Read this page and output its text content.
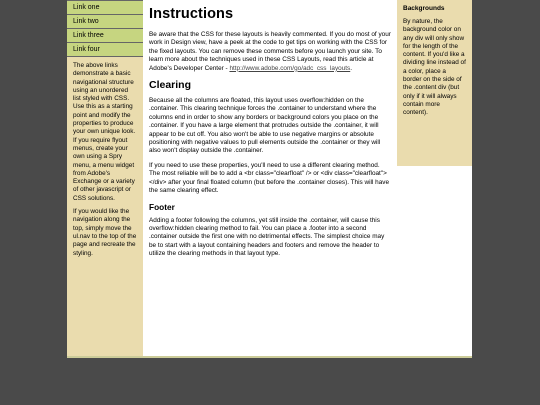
Link one
Link two
Link three
Link four

The above links demonstrate a basic navigational structure using an unordered list styled with CSS. Use this as a starting point and modify the properties to produce your own unique look. If you require flyout menus, create your own using a Spry menu, a menu widget from Adobe's Exchange or a variety of other javascript or CSS solutions.

If you would like the navigation along the top, simply move the ul.nav to the top of the page and recreate the styling.

Instructions

Be aware that the CSS for these layouts is heavily commented. If you do most of your work in Design view, have a peek at the code to get tips on working with the CSS for the fixed layouts. You can remove these comments before you launch your site. To learn more about the techniques used in these CSS Layouts, read this article at Adobe's Developer Center - http://www.adobe.com/go/adc_css_layouts.

Clearing

Because all the columns are floated, this layout uses overflow:hidden on the .container. This clearing technique forces the .container to understand where the columns end in order to show any borders or background colors you place on the .container. If you have a large element that protrudes outside the .container, it will appear to be cut off. You also won't be able to use negative margins or absolute positioning with negative values to pull elements outside the .container or they will also won't display outside the .container.

If you need to use these properties, you'll need to use a different clearing method. The most reliable will be to add a <br class="clearfloat" /> or <div class="clearfloat"></div> after your final floated column (but before the .container closes). This will have the same clearing effect.

Footer

Adding a footer following the columns, yet still inside the .container, will cause this overflow:hidden clearing method to fail. You can place a .footer into a second .container outside the first one with no detrimental effects. The simplest choice may be to start with a layout containing headers and footers and remove the header to utilize the clearing methods in that layout type.

Backgrounds

By nature, the background color on any div will only show for the length of the content. If you'd like a dividing line instead of a color, place a border on the side of the .content div (but only if it will always contain more content).
